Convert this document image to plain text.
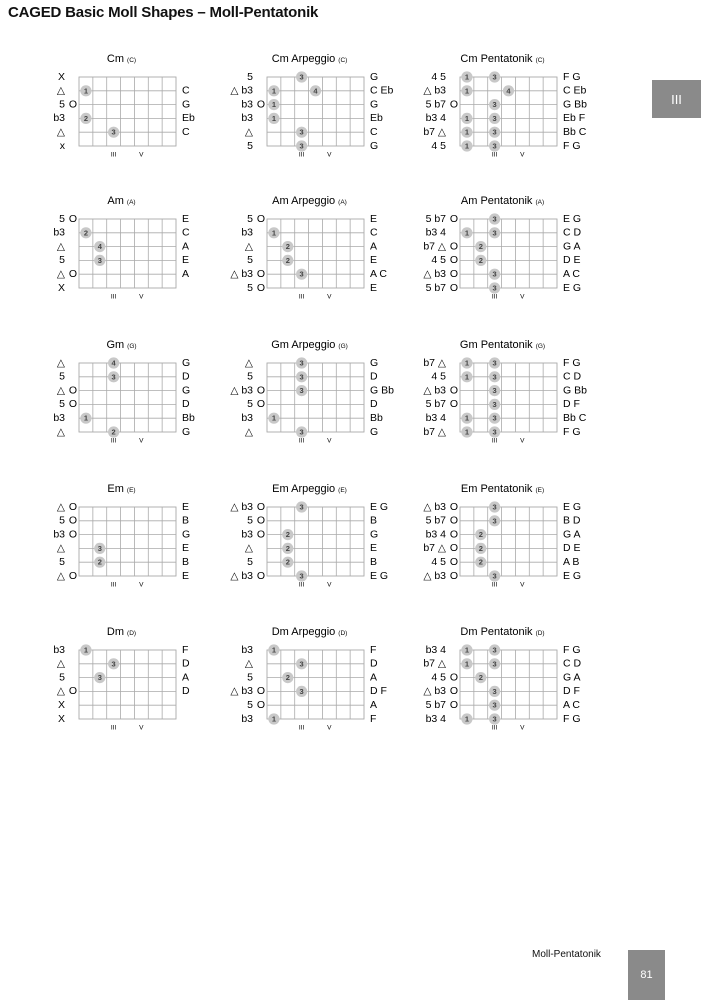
CAGED Basic Moll Shapes – Moll-Pentatonik
III
Cm (C)
X
△	C
5 O	G
b3	Eb
△	C
x
1
2
3
III	V
Cm Arpeggio (C)
5	G
△ b3	C Eb
b3 O	G
b3	Eb
△	C
5	G
3
1	4
1
1
3
3
III	V
Cm Pentatonik (C)
4 5	F G
△ b3	C Eb
5 b7 O	G Bb
b3 4	Eb F
b7 △	Bb C
4 5	F G
1	3
1	4
3
1	3
1	3
1	3
III	V
Am (A)
5 O	E
b3	C
△	A
5	E
△ O	A
X
2
4
3
III	V
Am Arpeggio (A)
5 O	E
b3	C
△	A
5	E
△ b3 O	A C
5 O	E
1
2
2
3
III	V
Am Pentatonik (A)
5 b7 O	E G
b3 4	C D
b7 △ O	G A
4 5 O	D E
△ b3 O	A C
5 b7 O	E G
3
1	3
2
2
3
3
III	V
Gm (G)
△	G
5	D
△ O	G
5 O	D
b3	Bb
△	G
4
3
1
2
III	V
Gm Arpeggio (G)
△	G
5	D
△ b3 O	G Bb
5 O	D
b3	Bb
△	G
3
3
3
1
3
III	V
Gm Pentatonik (G)
b7 △	F G
4 5	C D
△ b3 O	G Bb
5 b7 O	D F
b3 4	Bb C
b7 △	F G
1	3
1	3
3
3
1	3
1	3
III	V
Em (E)
△ O	E
5 O	B
b3 O	G
△	E
5	B
△ O	E
3
2
III	V
Em Arpeggio (E)
△ b3 O	E G
5 O	B
b3 O	G
△	E
5	B
△ b3 O	E G
3
2
2
2
3
III	V
Em Pentatonik (E)
△ b3 O	E G
5 b7 O	B D
b3 4 O	G A
b7 △ O	D E
4 5 O	A B
△ b3 O	E G
3
3
2
2
2
3
III	V
Dm (D)
b3	F
△	D
5	A
△ O	D
X
X
1
3
3
III	V
Dm Arpeggio (D)
b3	F
△	D
5	A
△ b3 O	D F
5 O	A
b3	F
1
3
2
3
1
III	V
Dm Pentatonik (D)
b3 4	F G
b7 △	C D
4 5 O	G A
△ b3 O	D F
5 b7 O	A C
b3 4	F G
1	3
1	3
2
3
3
1	3
III	V
Moll-Pentatonik
81
